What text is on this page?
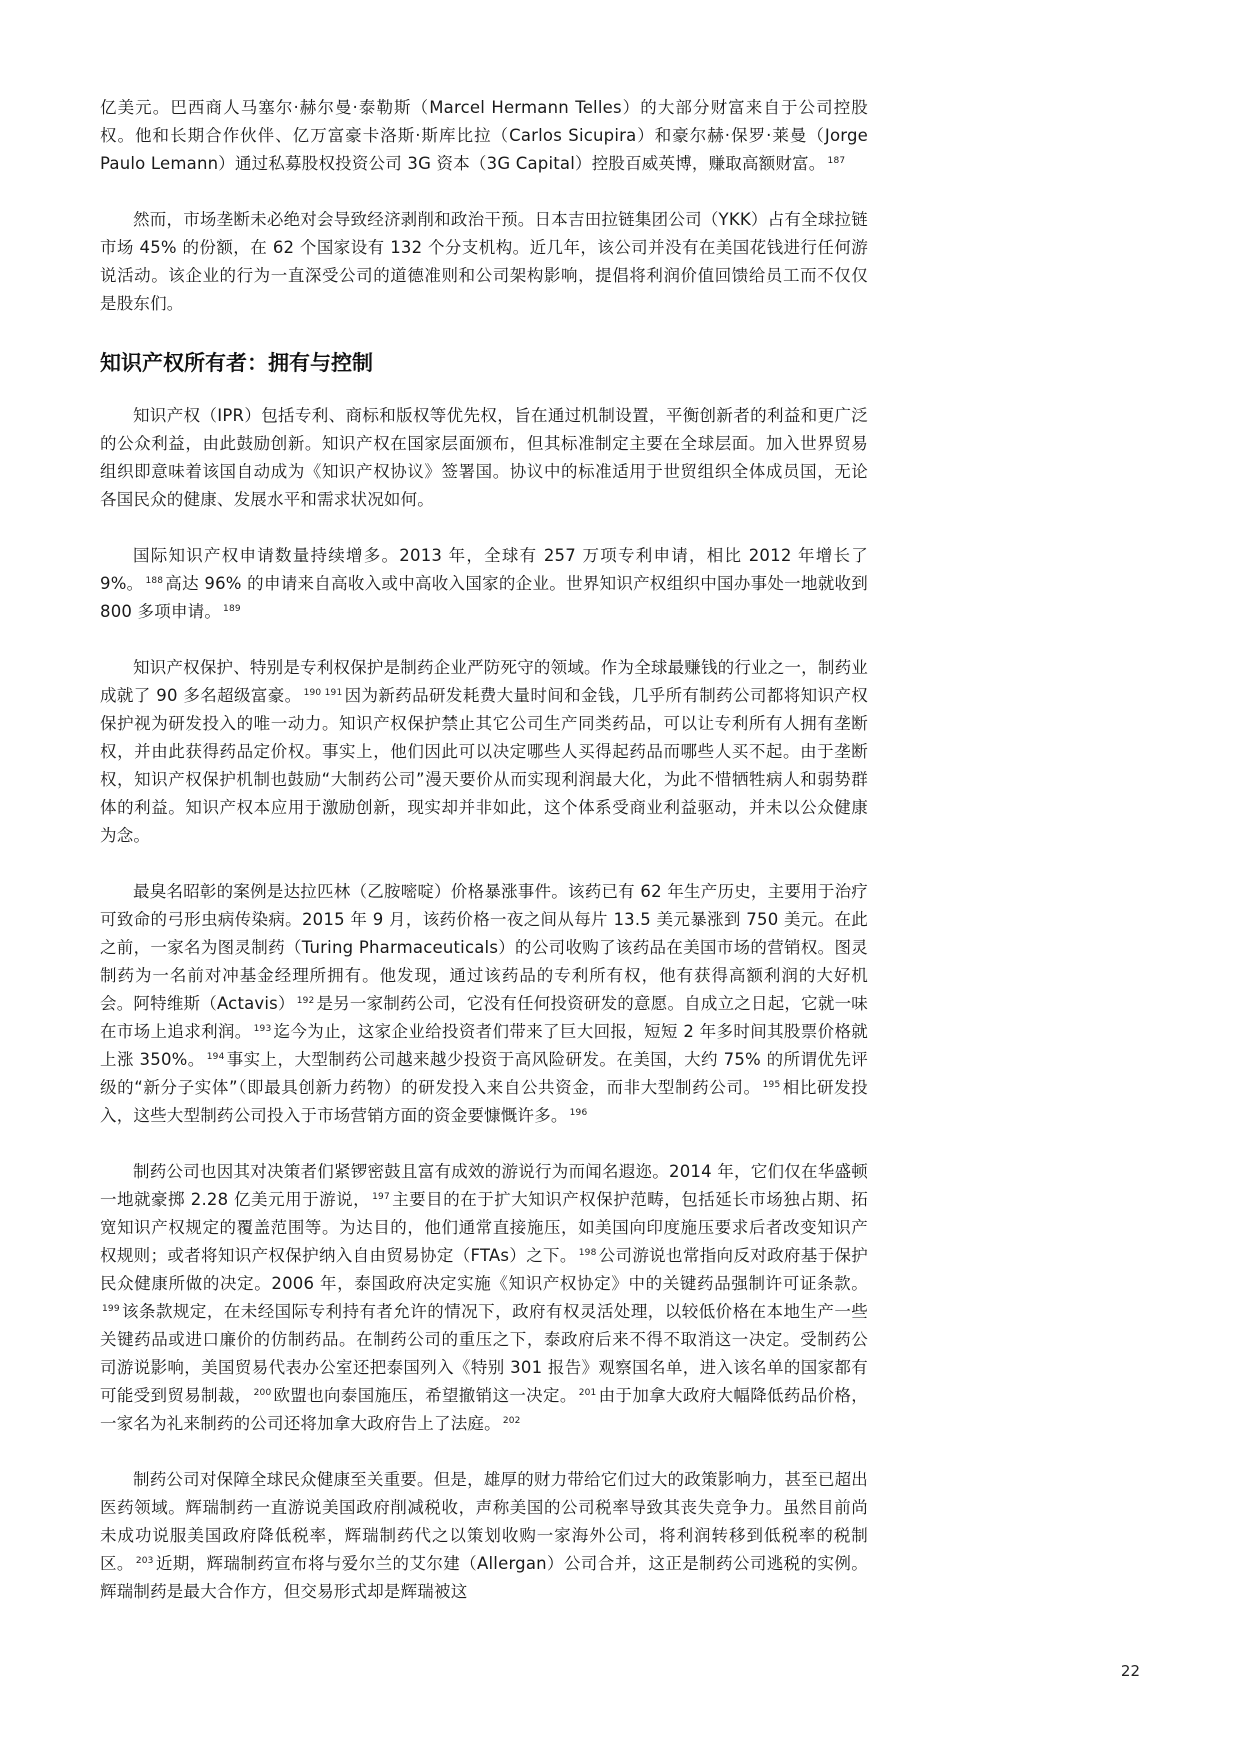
亿美元。巴西商人马塞尔·赫尔曼·泰勒斯（Marcel Hermann Telles）的大部分财富来自于公司控股权。他和长期合作伙伴、亿万富豪卡洛斯·斯库比拉（Carlos Sicupira）和豪尔赫·保罗·莱曼（Jorge Paulo Lemann）通过私募股权投资公司 3G 资本（3G Capital）控股百威英博，赚取高额财富。 $^{187}$

然而，市场垄断未必绝对会导致经济剥削和政治干预。日本吉田拉链集团公司（YKK）占有全球拉链市场 45% 的份额，在 62 个国家设有 132 个分支机构。近几年，该公司并没有在美国花钱进行任何游说活动。该企业的行为一直深受公司的道德准则和公司架构影响，提倡将利润价值回馈给员工而不仅仅是股东们。

知识产权所有者：拥有与控制

知识产权（IPR）包括专利、商标和版权等优先权，旨在通过机制设置，平衡创新者的利益和更广泛的公众利益，由此鼓励创新。知识产权在国家层面颁布，但其标准制定主要在全球层面。加入世界贸易组织即意味着该国自动成为《知识产权协议》签署国。协议中的标准适用于世贸组织全体成员国，无论各国民众的健康、发展水平和需求状况如何。

国际知识产权申请数量持续增多。2013 年，全球有 257 万项专利申请，相比 2012 年增长了 9%。 $^{188}$ 高达 96% 的申请来自高收入或中高收入国家的企业。世界知识产权组织中国办事处一地就收到 800 多项申请。 $^{189}$

知识产权保护、特别是专利权保护是制药企业严防死守的领域。作为全球最赚钱的行业之一，制药业成就了 90 多名超级富豪。 $^{190 191}$ 因为新药品研发耗费大量时间和金钱，几乎所有制药公司都将知识产权保护视为研发投入的唯一动力。知识产权保护禁止其它公司生产同类药品，可以让专利所有人拥有垄断权，并由此获得药品定价权。事实上，他们因此可以决定哪些人买得起药品而哪些人买不起。由于垄断权，知识产权保护机制也鼓励“大制药公司”漫天要价从而实现利润最大化，为此不惜牺牲病人和弱势群体的利益。知识产权本应用于激励创新，现实却并非如此，这个体系受商业利益驱动，并未以公众健康为念。

最臭名昭彰的案例是达拉匹林（乙胺嘧啶）价格暴涨事件。该药已有 62 年生产历史，主要用于治疗可致命的弓形虫病传染病。2015 年 9 月，该药价格一夜之间从每片 13.5 美元暴涨到 750 美元。在此之前，一家名为图灵制药（Turing Pharmaceuticals）的公司收购了该药品在美国市场的营销权。图灵制药为一名前对冲基金经理所拥有。他发现，通过该药品的专利所有权，他有获得高额利润的大好机会。阿特维斯（Actavis） $^{192}$ 是另一家制药公司，它没有任何投资研发的意愿。自成立之日起，它就一味在市场上追求利润。 $^{193}$ 迄今为止，这家企业给投资者们带来了巨大回报，短短 2 年多时间其股票价格就上涨 350%。 $^{194}$ 事实上，大型制药公司越来越少投资于高风险研发。在美国，大约 75% 的所谓优先评级的“新分子实体”（即最具创新力药物）的研发投入来自公共资金，而非大型制药公司。 $^{195}$ 相比研发投入，这些大型制药公司投入于市场营销方面的资金要慷慨许多。 $^{196}$

制药公司也因其对决策者们紧锣密鼓且富有成效的游说行为而闻名遐迩。2014 年，它们仅在华盛顿一地就豪掷 2.28 亿美元用于游说， $^{197}$ 主要目的在于扩大知识产权保护范畴，包括延长市场独占期、拓宽知识产权规定的覆盖范围等。为达目的，他们通常直接施压，如美国向印度施压要求后者改变知识产权规则；或者将知识产权保护纳入自由贸易协定（FTAs）之下。 $^{198}$ 公司游说也常指向反对政府基于保护民众健康所做的决定。2006 年，泰国政府决定实施《知识产权协定》中的关键药品强制许可证条款。$^{199}$ 该条款规定，在未经国际专利持有者允许的情况下，政府有权灵活处理，以较低价格在本地生产一些关键药品或进口廉价的仿制药品。在制药公司的重压之下，泰政府后来不得不取消这一决定。受制药公司游说影响，美国贸易代表办公室还把泰国列入《特别 301 报告》观察国名单，进入该名单的国家都有可能受到贸易制裁， $^{200}$ 欧盟也向泰国施压，希望撤销这一决定。 $^{201}$ 由于加拿大政府大幅降低药品价格，一家名为礼来制药的公司还将加拿大政府告上了法庭。 $^{202}$

制药公司对保障全球民众健康至关重要。但是，雄厚的财力带给它们过大的政策影响力，甚至已超出医药领域。辉瑞制药一直游说美国政府削减税收，声称美国的公司税率导致其丧失竞争力。虽然目前尚未成功说服美国政府降低税率，辉瑞制药代之以策划收购一家海外公司，将利润转移到低税率的税制区。 $^{203}$ 近期，辉瑞制药宣布将与爱尔兰的艾尔建（Allergan）公司合并，这正是制药公司逃税的实例。辉瑞制药是最大合作方，但交易形式却是辉瑞被这

22
